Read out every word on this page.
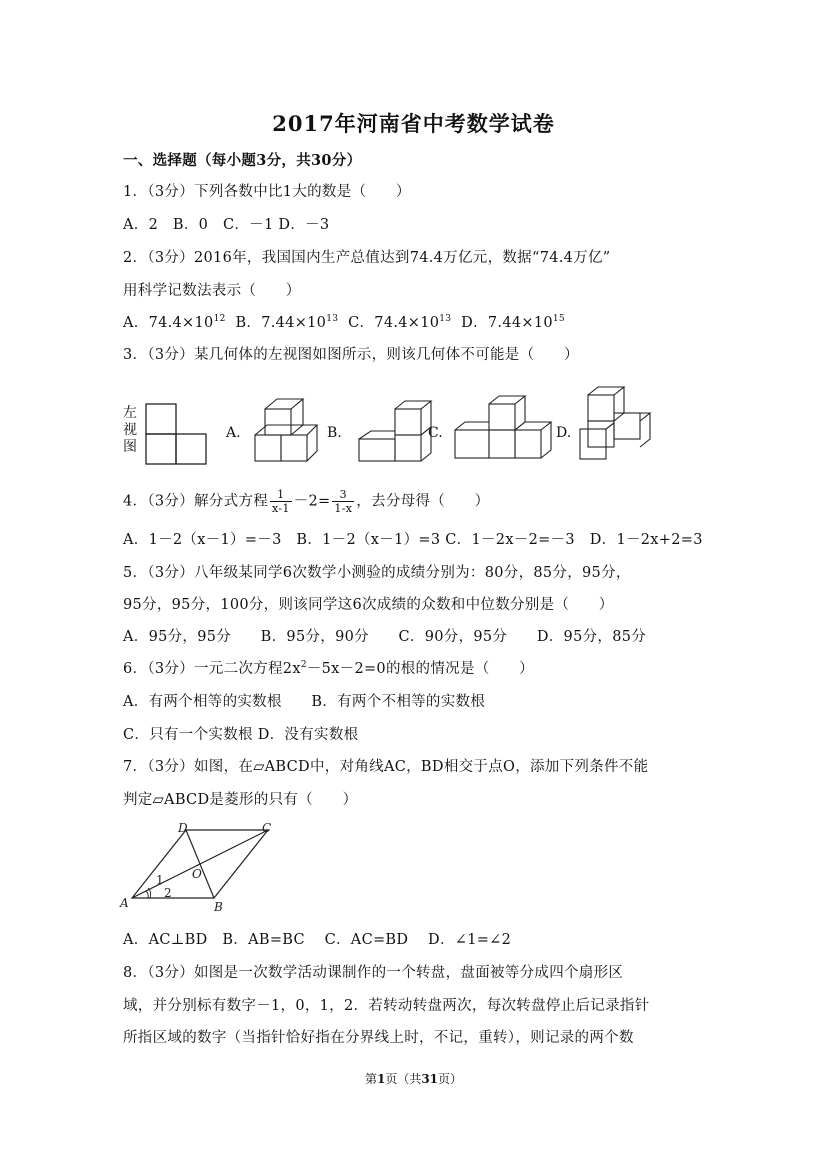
2017年河南省中考数学试卷
一、选择题（每小题3分，共30分）
1．（3分）下列各数中比1大的数是（　　）
A．2　B．0　C．－1 D．－3
2．（3分）2016年，我国国内生产总值达到74.4万亿元，数据“74.4万亿”
用科学记数法表示（　　）
A．$74.4\times 10^{12}$ B．$7.44\times 10^{13}$ C．$74.4\times 10^{13}$ D．$7.44\times 10^{15}$
3．（3分）某几何体的左视图如图所示，则该几何体不可能是（　　）
左
视
图
A.	B.	C.	D.
4．（3分）解分式方程 $\frac{1}{x-1} -2= \frac{3}{1-x}$ ，去分母得（　　）
A．1－2（x－1）=－3　B．1－2（x－1）=3 C．1－2x－2=－3　D．1－2x+2=3
5．（3分）八年级某同学6次数学小测验的成绩分别为：80分，85分，95分，
95分，95分，100分，则该同学这6次成绩的众数和中位数分别是（　　）
A．95分，95分　　B．95分，90分　　C．90分，95分　　D．95分，85分
6．（3分）一元二次方程$2x^2-5x-2=0$的根的情况是（　　）
A．有两个相等的实数根　　B．有两个不相等的实数根
C．只有一个实数根 D．没有实数根
7．（3分）如图，在▱ABCD中，对角线AC，BD相交于点O，添加下列条件不能
判定▱ABCD是菱形的只有（　　）
A	B
C
D
O
1
2
A．AC⊥BD　B．AB=BC　 C．AC=BD　 D．∠1=∠2
8．（3分）如图是一次数学活动课制作的一个转盘，盘面被等分成四个扇形区
域，并分别标有数字－1，0，1，2．若转动转盘两次，每次转盘停止后记录指针
所指区域的数字（当指针恰好指在分界线上时，不记，重转），则记录的两个数
第1页（共31页）
